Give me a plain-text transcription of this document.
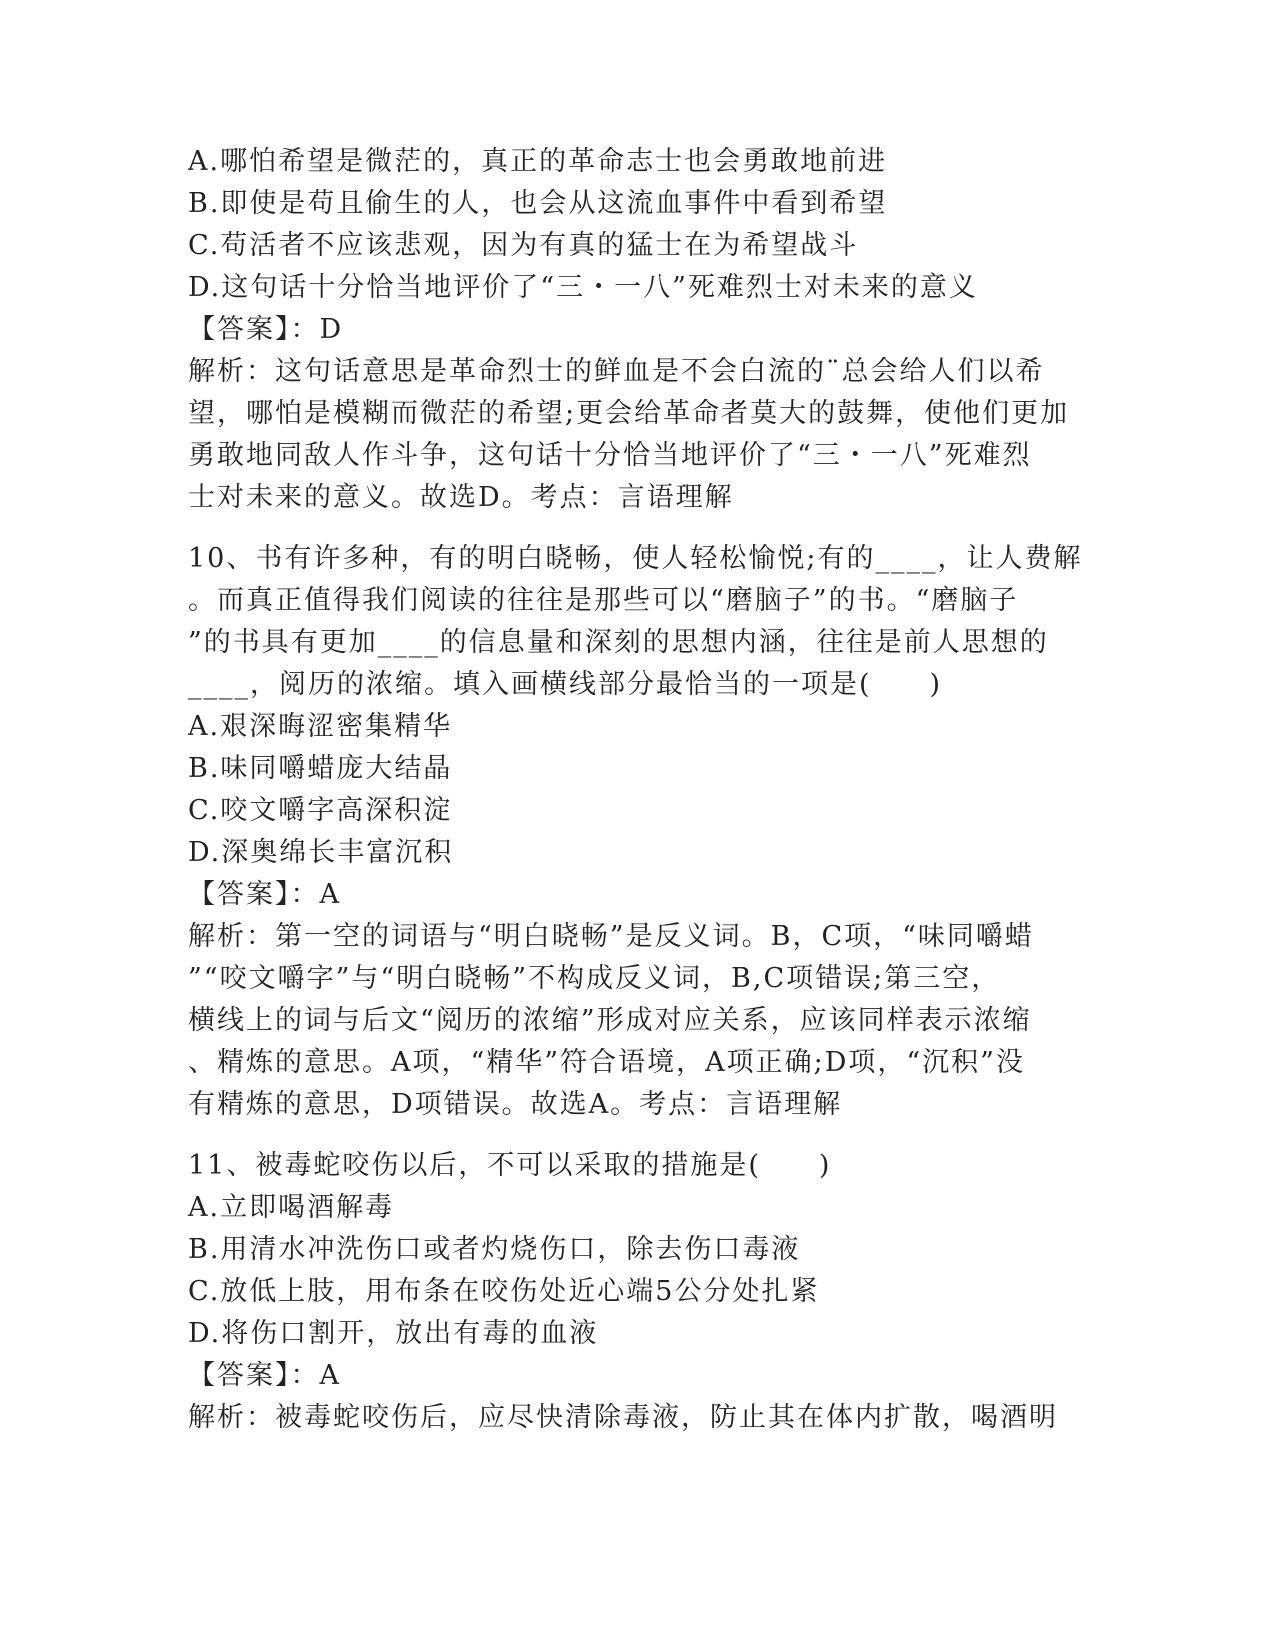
A.哪怕希望是微茫的，真正的革命志士也会勇敢地前进
B.即使是苟且偷生的人，也会从这流血事件中看到希望
C.苟活者不应该悲观，因为有真的猛士在为希望战斗
D.这句话十分恰当地评价了“三・一八”死难烈士对未来的意义
【答案】：D
解析：这句话意思是革命烈士的鲜血是不会白流的¨总会给人们以希
望，哪怕是模糊而微茫的希望;更会给革命者莫大的鼓舞，使他们更加
勇敢地同敌人作斗争，这句话十分恰当地评价了“三・一八”死难烈
士对未来的意义。故选D。考点：言语理解
10、书有许多种，有的明白晓畅，使人轻松愉悦;有的____，让人费解
。而真正值得我们阅读的往往是那些可以“磨脑子”的书。“磨脑子
”的书具有更加____的信息量和深刻的思想内涵，往往是前人思想的
____，阅历的浓缩。填入画横线部分最恰当的一项是(　　)
A.艰深晦涩密集精华
B.味同嚼蜡庞大结晶
C.咬文嚼字高深积淀
D.深奥绵长丰富沉积
【答案】：A
解析：第一空的词语与“明白晓畅”是反义词。B，C项，“味同嚼蜡
”“咬文嚼字”与“明白晓畅”不构成反义词，B,C项错误;第三空，
横线上的词与后文“阅历的浓缩”形成对应关系，应该同样表示浓缩
、精炼的意思。A项，“精华”符合语境，A项正确;D项，“沉积”没
有精炼的意思，D项错误。故选A。考点：言语理解
11、被毒蛇咬伤以后，不可以采取的措施是(　　)
A.立即喝酒解毒
B.用清水冲洗伤口或者灼烧伤口，除去伤口毒液
C.放低上肢，用布条在咬伤处近心端5公分处扎紧
D.将伤口割开，放出有毒的血液
【答案】：A
解析：被毒蛇咬伤后，应尽快清除毒液，防止其在体内扩散，喝酒明
